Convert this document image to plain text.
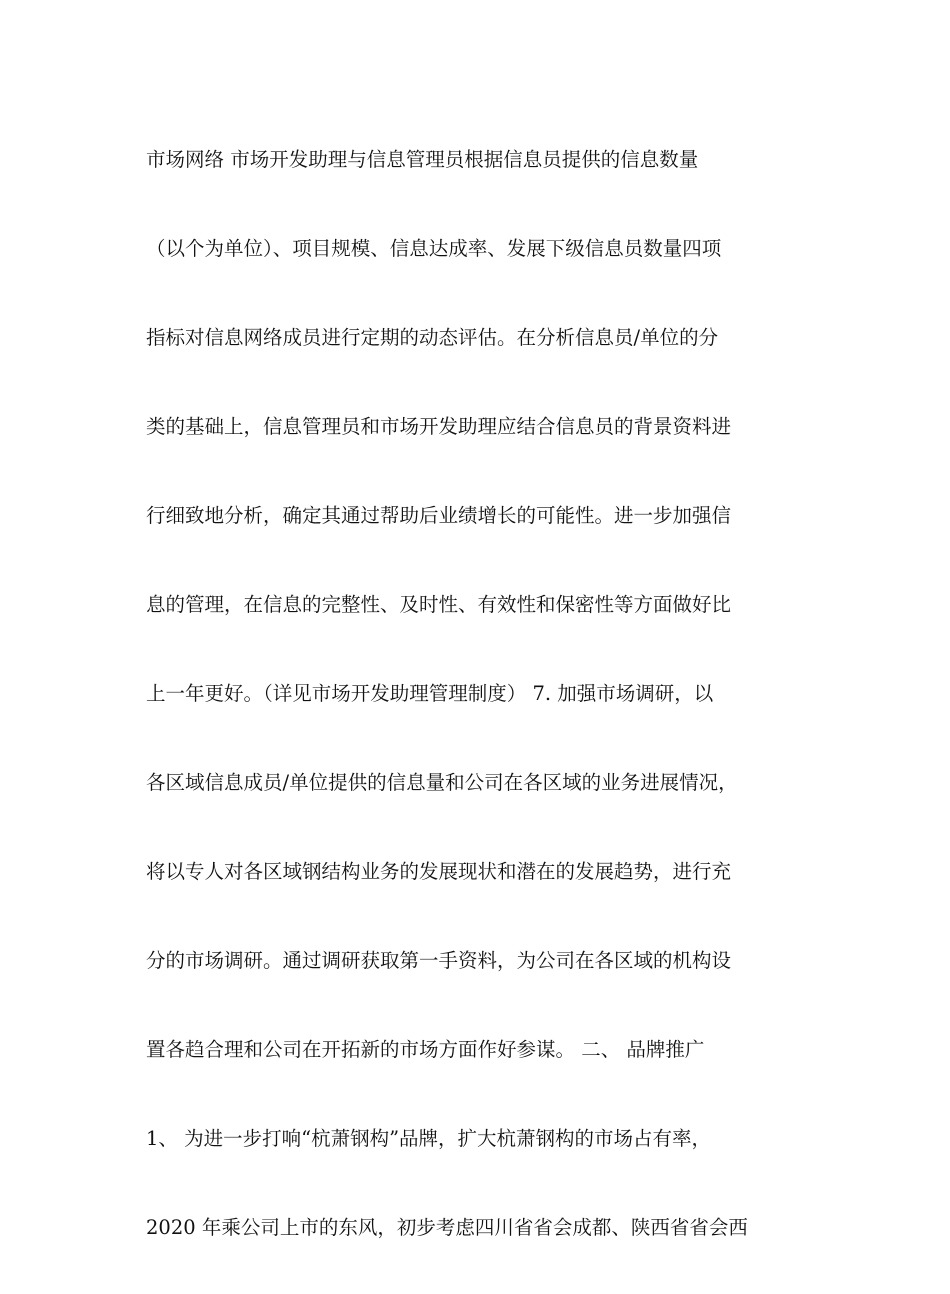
市场网络 市场开发助理与信息管理员根据信息员提供的信息数量
（以个为单位）、项目规模、信息达成率、发展下级信息员数量四项
指标对信息网络成员进行定期的动态评估。在分析信息员/单位的分
类的基础上，信息管理员和市场开发助理应结合信息员的背景资料进
行细致地分析，确定其通过帮助后业绩增长的可能性。进一步加强信
息的管理，在信息的完整性、及时性、有效性和保密性等方面做好比
上一年更好。（详见市场开发助理管理制度） 7. 加强市场调研，以
各区域信息成员/单位提供的信息量和公司在各区域的业务进展情况，
将以专人对各区域钢结构业务的发展现状和潜在的发展趋势，进行充
分的市场调研。通过调研获取第一手资料，为公司在各区域的机构设
置各趋合理和公司在开拓新的市场方面作好参谋。 二、 品牌推广
1、 为进一步打响“杭萧钢构”品牌，扩大杭萧钢构的市场占有率，
2020 年乘公司上市的东风，初步考虑四川省省会成都、陕西省省会西
